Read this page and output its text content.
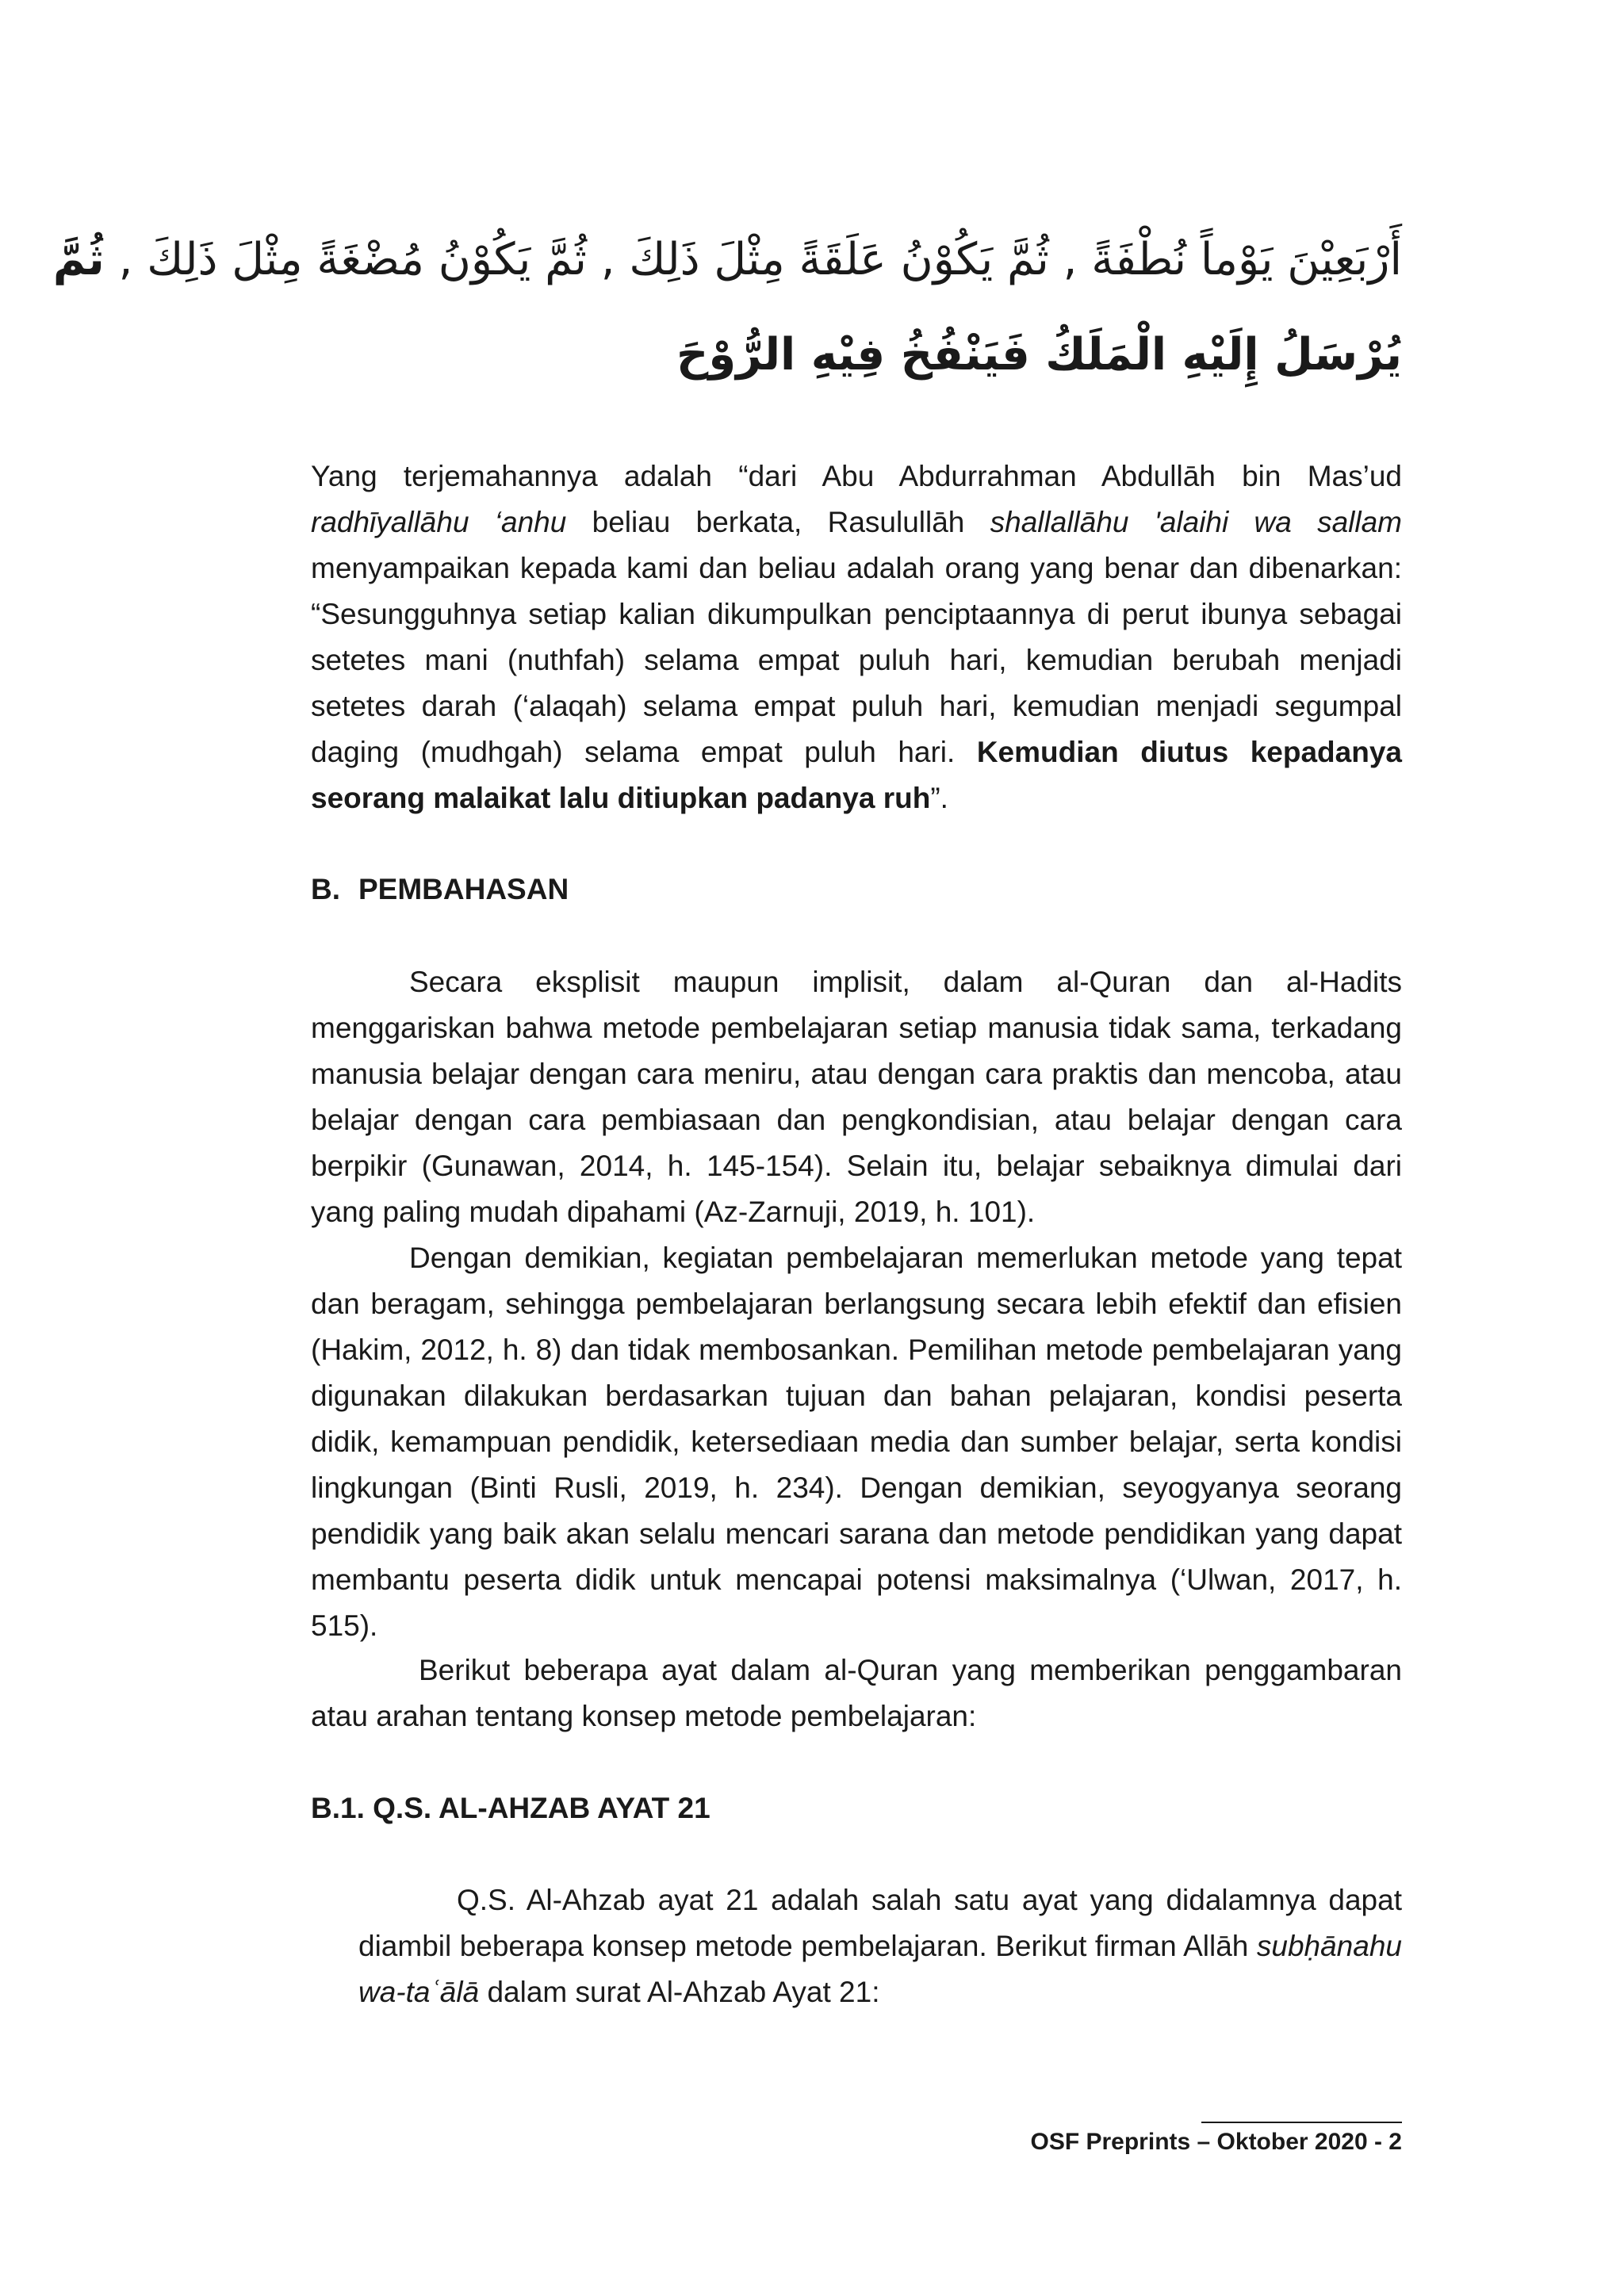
أَرْبَعِيْنَ يَوْماً نُطْفَةً , ثُمَّ يَكُوْنُ عَلَقَةً مِثْلَ ذَلِكَ , ثُمَّ يَكُوْنُ مُضْغَةً مِثْلَ ذَلِكَ , ثُمَّ
يُرْسَلُ إِلَيْهِ الْمَلَكُ فَيَنْفُخُ فِيْهِ الرُّوْحَ

Yang terjemahannya adalah “dari Abu Abdurrahman Abdullāh bin Mas’ud radhīyallāhu ‘anhu beliau berkata, Rasulullāh shallallāhu 'alaihi wa sallam menyampaikan kepada kami dan beliau adalah orang yang benar dan dibenarkan: “Sesungguhnya setiap kalian dikumpulkan penciptaannya di perut ibunya sebagai setetes mani (nuthfah) selama empat puluh hari, kemudian berubah menjadi setetes darah (‘alaqah) selama empat puluh hari, kemudian menjadi segumpal daging (mudhgah) selama empat puluh hari. Kemudian diutus kepadanya seorang malaikat lalu ditiupkan padanya ruh”.

B. PEMBAHASAN

Secara eksplisit maupun implisit, dalam al-Quran dan al-Hadits menggariskan bahwa metode pembelajaran setiap manusia tidak sama, terkadang manusia belajar dengan cara meniru, atau dengan cara praktis dan mencoba, atau belajar dengan cara pembiasaan dan pengkondisian, atau belajar dengan cara berpikir (Gunawan, 2014, h. 145-154). Selain itu, belajar sebaiknya dimulai dari yang paling mudah dipahami (Az-Zarnuji, 2019, h. 101).

Dengan demikian, kegiatan pembelajaran memerlukan metode yang tepat dan beragam, sehingga pembelajaran berlangsung secara lebih efektif dan efisien (Hakim, 2012, h. 8) dan tidak membosankan. Pemilihan metode pembelajaran yang digunakan dilakukan berdasarkan tujuan dan bahan pelajaran, kondisi peserta didik, kemampuan pendidik, ketersediaan media dan sumber belajar, serta kondisi lingkungan (Binti Rusli, 2019, h. 234). Dengan demikian, seyogyanya seorang pendidik yang baik akan selalu mencari sarana dan metode pendidikan yang dapat membantu peserta didik untuk mencapai potensi maksimalnya (‘Ulwan, 2017, h. 515).

Berikut beberapa ayat dalam al-Quran yang memberikan penggambaran atau arahan tentang konsep metode pembelajaran:

B.1. Q.S. AL-AHZAB AYAT 21

Q.S. Al-Ahzab ayat 21 adalah salah satu ayat yang didalamnya dapat diambil beberapa konsep metode pembelajaran. Berikut firman Allāh subḥānahu wa-taʿālā dalam surat Al-Ahzab Ayat 21:

OSF Preprints – Oktober 2020 - 2
